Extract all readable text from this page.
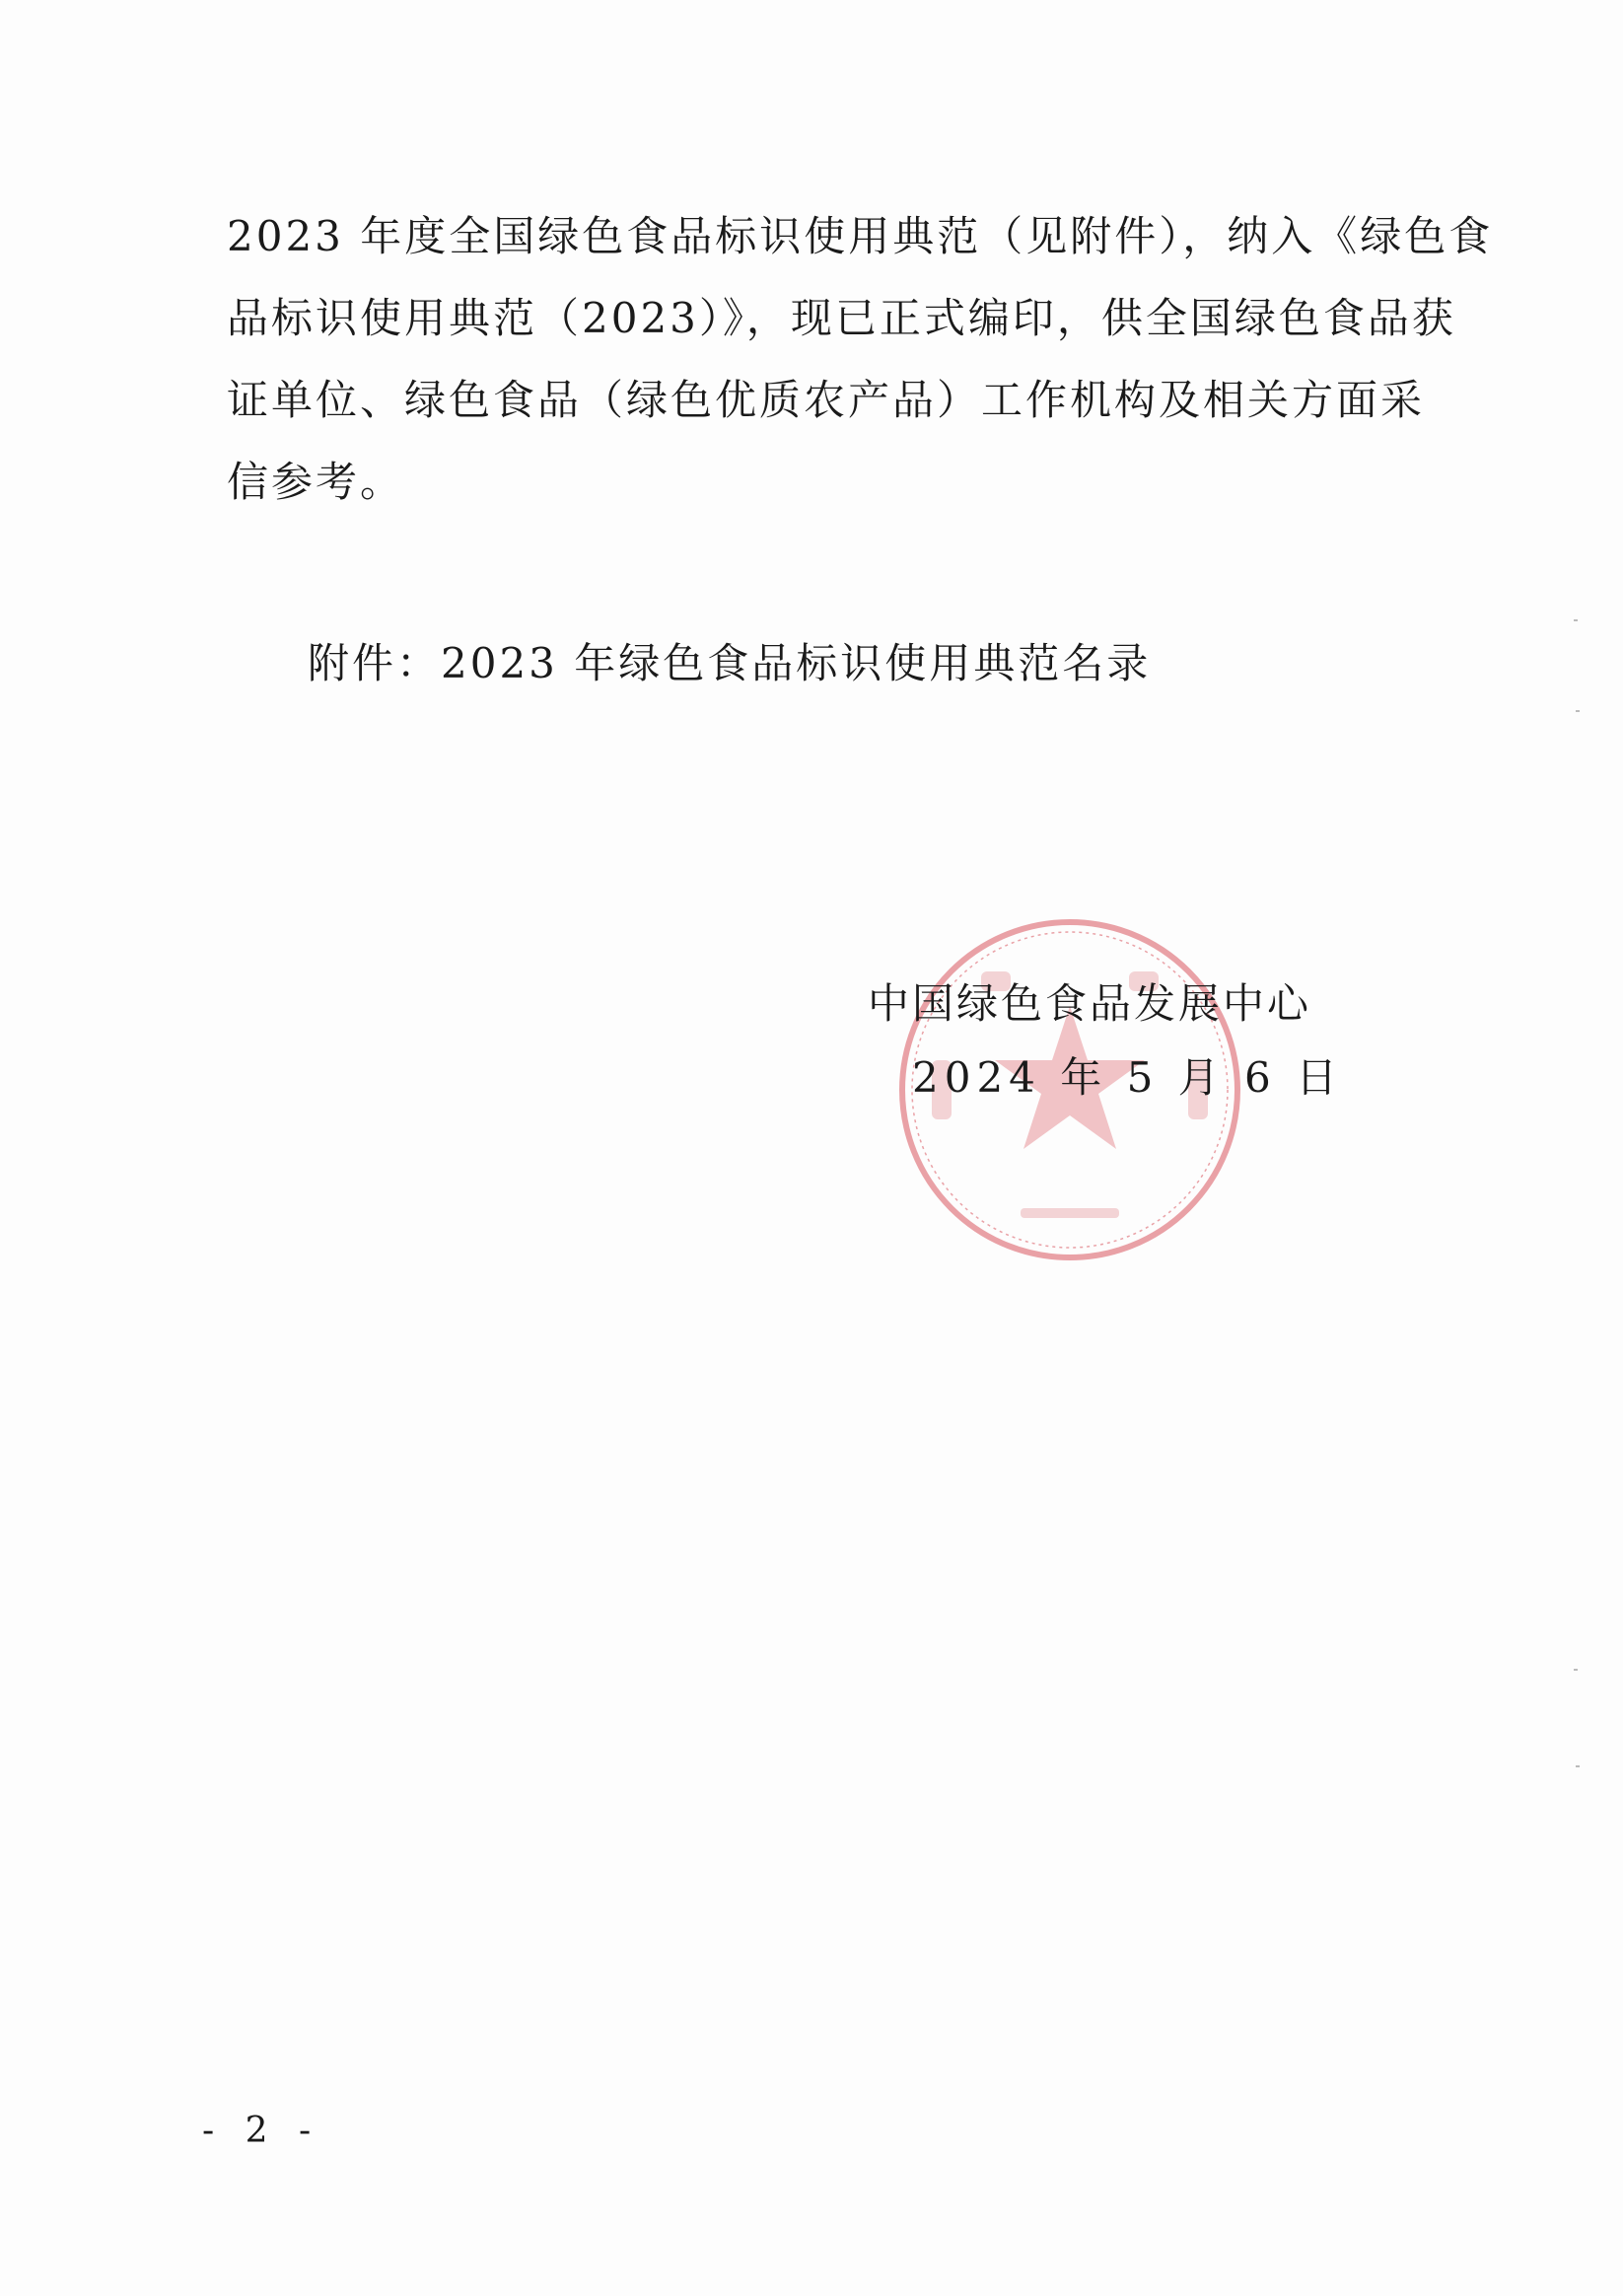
2023 年度全国绿色食品标识使用典范（见附件），纳入《绿色食
品标识使用典范（2023）》，现已正式编印，供全国绿色食品获
证单位、绿色食品（绿色优质农产品）工作机构及相关方面采
信参考。
附件：2023 年绿色食品标识使用典范名录
中国绿色食品发展中心
2024 年 5 月 6 日
- 2 -
